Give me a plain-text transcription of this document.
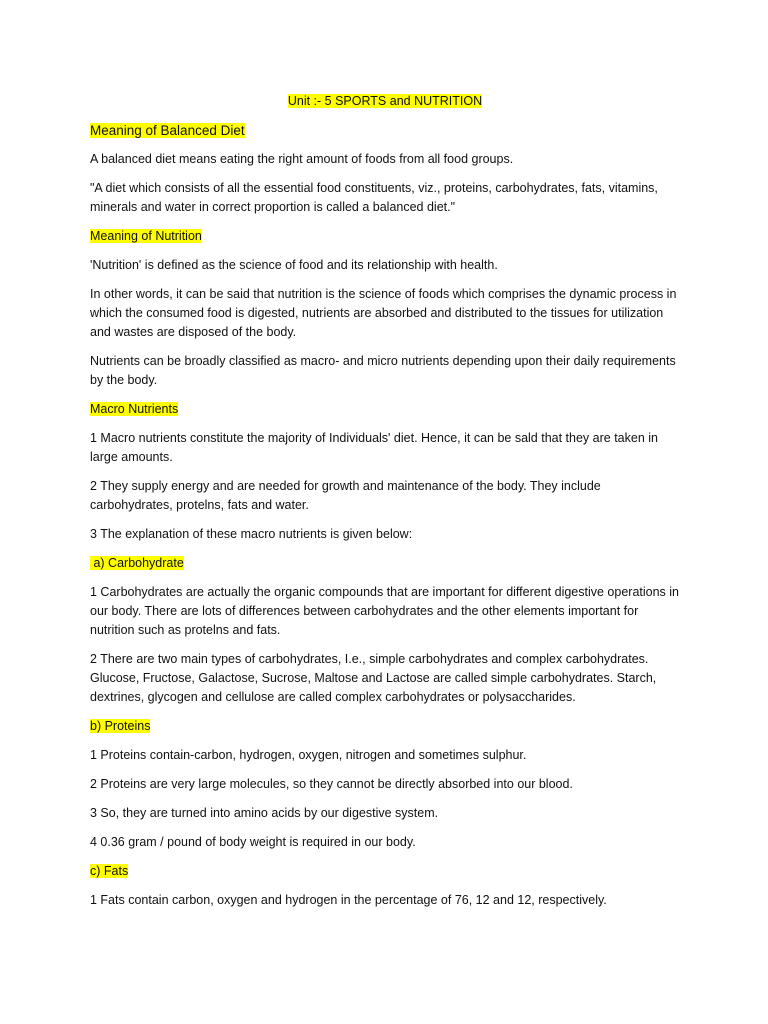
Unit :- 5 SPORTS and NUTRITION
Meaning of Balanced Diet

A balanced diet means eating the right amount of foods from all food groups.

"A diet which consists of all the essential food constituents, viz., proteins, carbohydrates, fats, vitamins, minerals and water in correct proportion is called a balanced diet."

Meaning of Nutrition

'Nutrition' is defined as the science of food and its relationship with health.

In other words, it can be said that nutrition is the science of foods which comprises the dynamic process in which the consumed food is digested, nutrients are absorbed and distributed to the tissues for utilization and wastes are disposed of the body.

Nutrients can be broadly classified as macro- and micro nutrients depending upon their daily requirements by the body.

Macro Nutrients

1 Macro nutrients constitute the majority of Individuals' diet. Hence, it can be sald that they are taken in large amounts.

2 They supply energy and are needed for growth and maintenance of the body. They include carbohydrates, protelns, fats and water.

3 The explanation of these macro nutrients is given below:

a) Carbohydrate

1 Carbohydrates are actually the organic compounds that are important for different digestive operations in our body. There are lots of differences between carbohydrates and the other elements important for nutrition such as protelns and fats.

2 There are two main types of carbohydrates, I.e., simple carbohydrates and complex carbohydrates. Glucose, Fructose, Galactose, Sucrose, Maltose and Lactose are called simple carbohydrates. Starch, dextrines, glycogen and cellulose are called complex carbohydrates or polysaccharides.

b) Proteins

1 Proteins contain-carbon, hydrogen, oxygen, nitrogen and sometimes sulphur.

2 Proteins are very large molecules, so they cannot be directly absorbed into our blood.

3 So, they are turned into amino acids by our digestive system.

4 0.36 gram / pound of body weight is required in our body.

c) Fats

1 Fats contain carbon, oxygen and hydrogen in the percentage of 76, 12 and 12, respectively.
